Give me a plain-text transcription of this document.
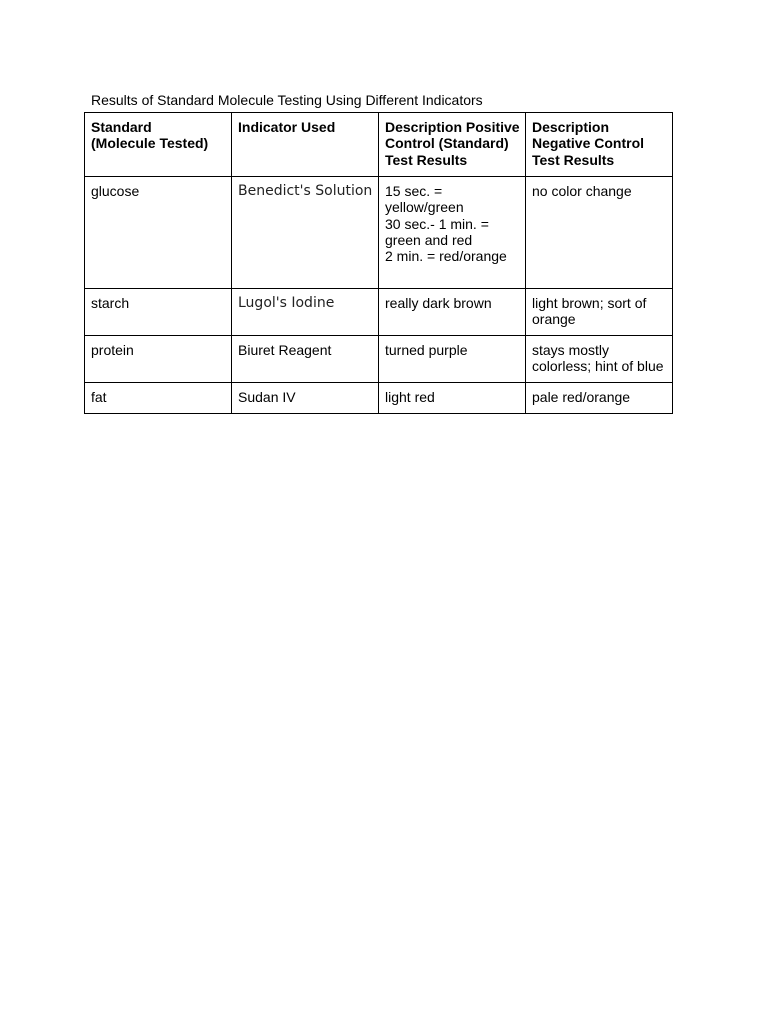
Results of Standard Molecule Testing Using Different Indicators
Standard
(Molecule Tested)	Indicator Used	Description Positive
Control (Standard)
Test Results	Description
Negative Control
Test Results
glucose	Benedict's Solution	15 sec. =
yellow/green
30 sec.- 1 min. =
green and red
2 min. = red/orange	no color change
starch	Lugol's Iodine	really dark brown	light brown; sort of
orange
protein	Biuret Reagent	turned purple	stays mostly
colorless; hint of blue
fat	Sudan IV	light red	pale red/orange
